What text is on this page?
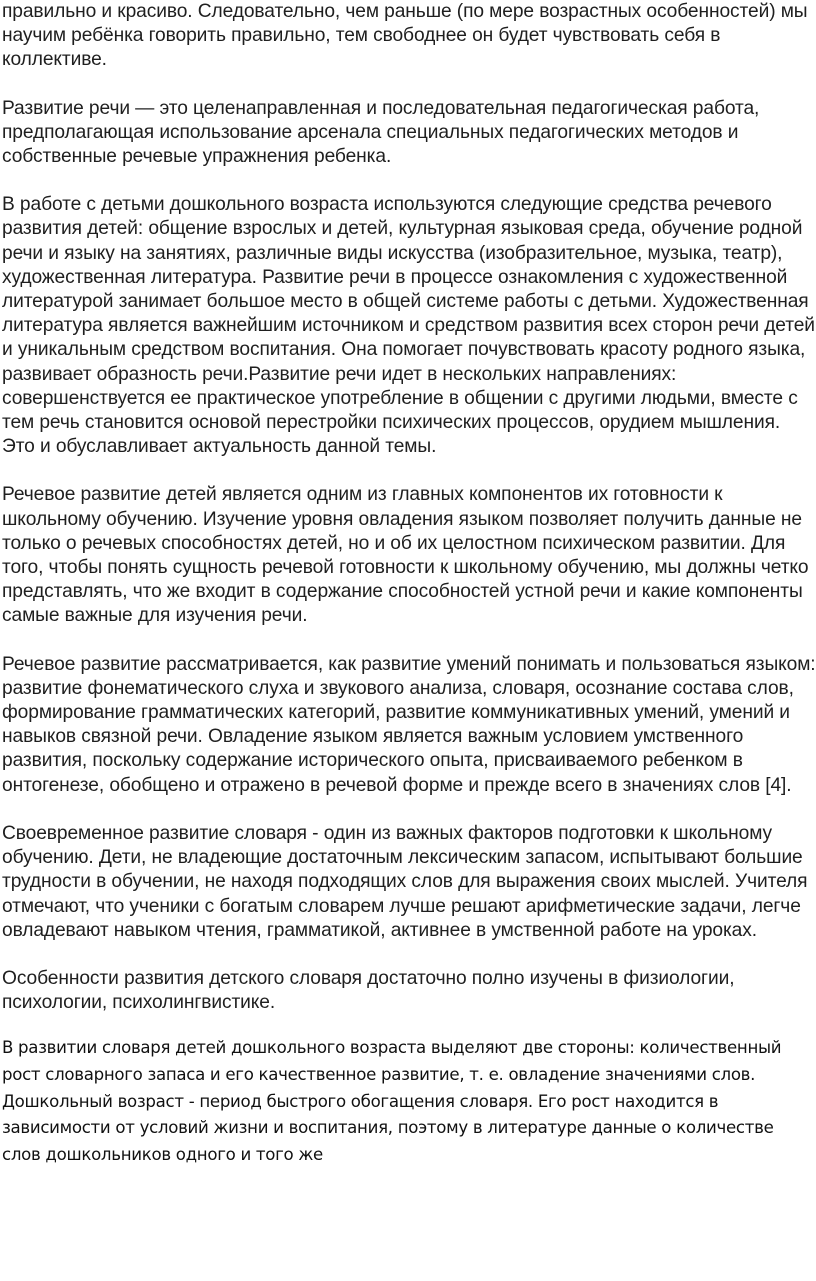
правильно и красиво. Следовательно, чем раньше (по мере возрастных особенностей) мы научим ребёнка говорить правильно, тем свободнее он будет чувствовать себя в коллективе.

Развитие речи — это целенаправленная и последовательная педагогическая работа, предполагающая использование арсенала специальных педагогических методов и собственные речевые упражнения ребенка.

В работе с детьми дошкольного возраста используются следующие средства речевого развития детей: общение взрослых и детей, культурная языковая среда, обучение родной речи и языку на занятиях, различные виды искусства (изобразительное, музыка, театр), художественная литература. Развитие речи в процессе ознакомления с художественной литературой занимает большое место в общей системе работы с детьми. Художественная литература является важнейшим источником и средством развития всех сторон речи детей и уникальным средством воспитания. Она помогает почувствовать красоту родного языка, развивает образность речи.Развитие речи идет в нескольких направлениях: совершенствуется ее практическое употребление в общении с другими людьми, вместе с тем речь становится основой перестройки психических процессов, орудием мышления. Это и обуславливает актуальность данной темы.

Речевое развитие детей является одним из главных компонентов их готовности к школьному обучению. Изучение уровня овладения языком позволяет получить данные не только о речевых способностях детей, но и об их целостном психическом развитии. Для того, чтобы понять сущность речевой готовности к школьному обучению, мы должны четко представлять, что же входит в содержание способностей устной речи и какие компоненты самые важные для изучения речи.

Речевое развитие рассматривается, как развитие умений понимать и пользоваться языком: развитие фонематического слуха и звукового анализа, словаря, осознание состава слов, формирование грамматических категорий, развитие коммуникативных умений, умений и навыков связной речи. Овладение языком является важным условием умственного развития, поскольку содержание исторического опыта, присваиваемого ребенком в онтогенезе, обобщено и отражено в речевой форме и прежде всего в значениях слов [4].

Своевременное развитие словаря - один из важных факторов подготовки к школьному обучению. Дети, не владеющие достаточным лексическим запасом, испытывают большие трудности в обучении, не находя подходящих слов для выражения своих мыслей. Учителя отмечают, что ученики с богатым словарем лучше решают арифметические задачи, легче овладевают навыком чтения, грамматикой, активнее в умственной работе на уроках.

Особенности развития детского словаря достаточно полно изучены в физиологии, психологии, психолингвистике.

В развитии словаря детей дошкольного возраста выделяют две стороны: количественный рост словарного запаса и его качественное развитие, т. е. овладение значениями слов. Дошкольный возраст - период быстрого обогащения словаря. Его рост находится в зависимости от условий жизни и воспитания, поэтому в литературе данные о количестве слов дошкольников одного и того же
